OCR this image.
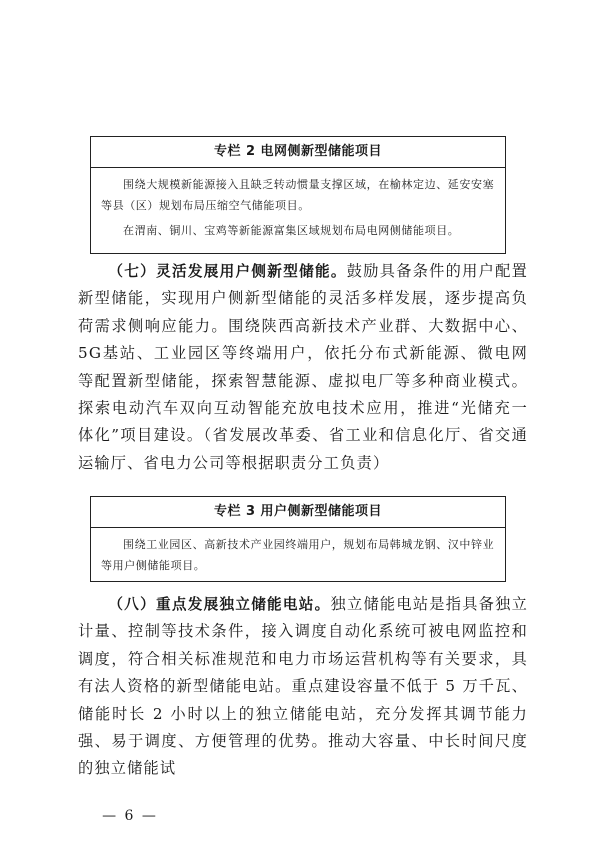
专栏 2 电网侧新型储能项目

围绕大规模新能源接入且缺乏转动惯量支撑区域，在榆林定边、延安安塞等县（区）规划布局压缩空气储能项目。

在渭南、铜川、宝鸡等新能源富集区域规划布局电网侧储能项目。

（七）灵活发展用户侧新型储能。鼓励具备条件的用户配置新型储能，实现用户侧新型储能的灵活多样发展，逐步提高负荷需求侧响应能力。围绕陕西高新技术产业群、大数据中心、5G基站、工业园区等终端用户，依托分布式新能源、微电网等配置新型储能，探索智慧能源、虚拟电厂等多种商业模式。探索电动汽车双向互动智能充放电技术应用，推进“光储充一体化”项目建设。（省发展改革委、省工业和信息化厅、省交通运输厅、省电力公司等根据职责分工负责）

专栏 3 用户侧新型储能项目

围绕工业园区、高新技术产业园终端用户，规划布局韩城龙钢、汉中锌业等用户侧储能项目。

（八）重点发展独立储能电站。独立储能电站是指具备独立计量、控制等技术条件，接入调度自动化系统可被电网监控和调度，符合相关标准规范和电力市场运营机构等有关要求，具有法人资格的新型储能电站。重点建设容量不低于 5 万千瓦、储能时长 2 小时以上的独立储能电站，充分发挥其调节能力强、易于调度、方便管理的优势。推动大容量、中长时间尺度的独立储能试

— 6 —
